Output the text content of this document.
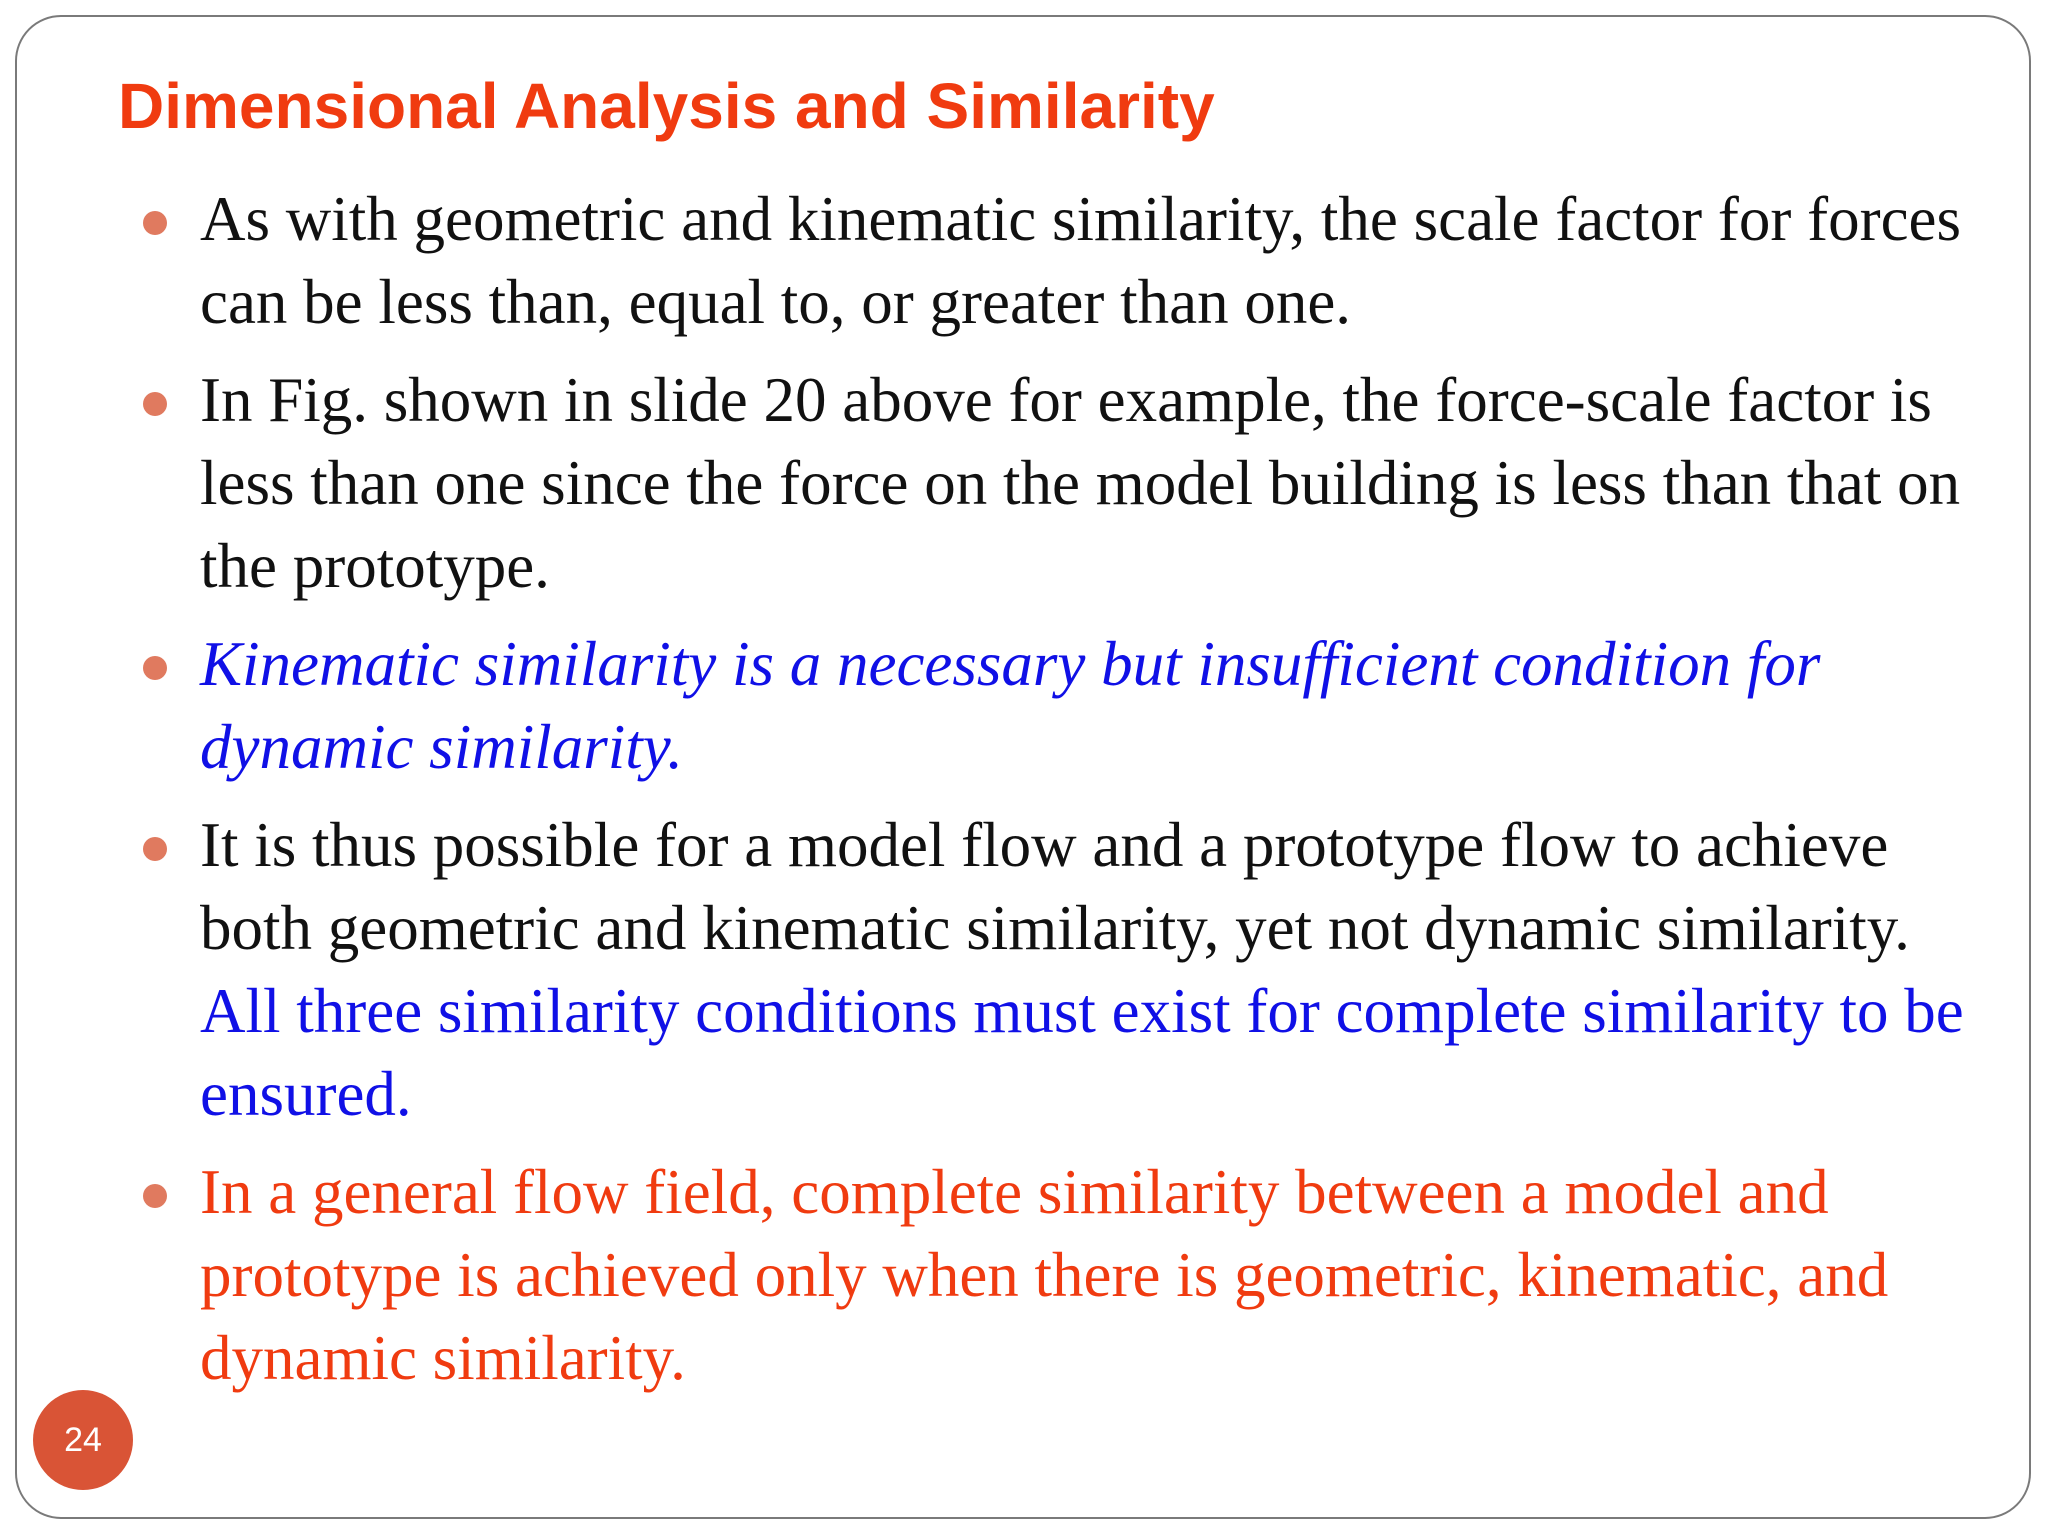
Dimensional Analysis and Similarity
As with geometric and kinematic similarity, the scale factor for forces can be less than, equal to, or greater than one.
In Fig. shown in slide 20 above for example, the force-scale factor is less than one since the force on the model building is less than that on the prototype.
Kinematic similarity is a necessary but insufficient condition for dynamic similarity.
It is thus possible for a model flow and a prototype flow to achieve both geometric and kinematic similarity, yet not dynamic similarity. All three similarity conditions must exist for complete similarity to be ensured.
In a general flow field, complete similarity between a model and prototype is achieved only when there is geometric, kinematic, and dynamic similarity.
24
